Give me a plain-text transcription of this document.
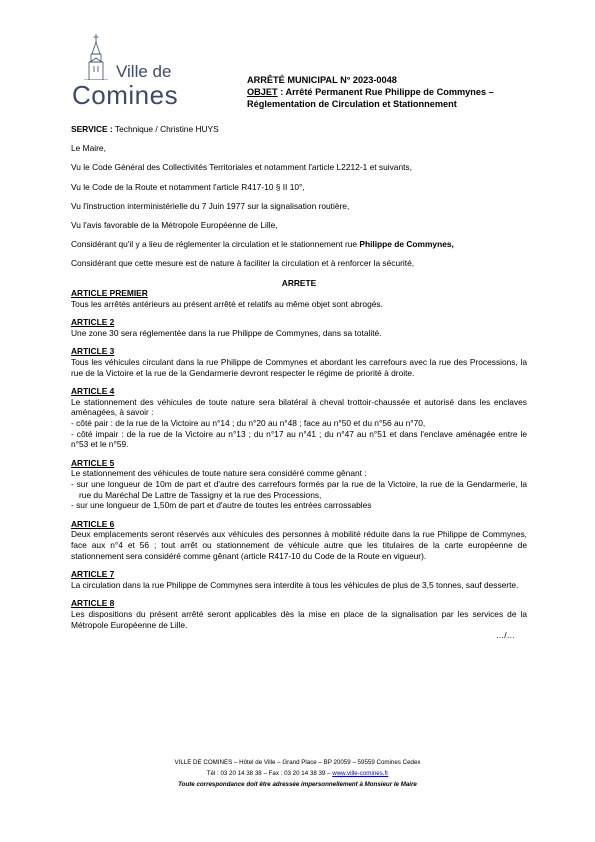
Ville de
Comines	ARRÊTÉ MUNICIPAL N° 2023-0048
OBJET : Arrêté Permanent Rue Philippe de Commynes – Réglementation de Circulation et Stationnement

SERVICE : Technique / Christine HUYS

Le Maire,

Vu le Code Général des Collectivités Territoriales et notamment l'article L2212-1 et suivants,

Vu le Code de la Route et notamment l'article R417-10 § II 10°,

Vu l'instruction interministérielle du 7 Juin 1977 sur la signalisation routière,

Vu l'avis favorable de la Métropole Européenne de Lille,

Considérant qu'il y a lieu de réglementer la circulation et le stationnement rue Philippe de Commynes,

Considérant que cette mesure est de nature à faciliter la circulation et à renforcer la sécurité,

ARRETE

ARTICLE PREMIER

Tous les arrêtés antérieurs au présent arrêté et relatifs au même objet sont abrogés.

ARTICLE 2

Une zone 30 sera réglementée dans la rue Philippe de Commynes, dans sa totalité.

ARTICLE 3

Tous les véhicules circulant dans la rue Philippe de Commynes et abordant les carrefours avec la rue des Processions, la rue de la Victoire et la rue de la Gendarmerie devront respecter le régime de priorité à droite.

ARTICLE 4

Le stationnement des véhicules de toute nature sera bilatéral à cheval trottoir-chaussée et autorisé dans les enclaves aménagées, à savoir :

- côté pair : de la rue de la Victoire au n°14 ; du n°20 au n°48 ; face au n°50 et du n°56 au n°70,

- côté impair : de la rue de la Victoire au n°13 ; du n°17 au n°41 ; du n°47 au n°51 et dans l'enclave aménagée entre le n°53 et le n°59.

ARTICLE 5

Le stationnement des véhicules de toute nature sera considéré comme gênant :

- sur une longueur de 10m de part et d'autre des carrefours formés par la rue de la Victoire, la rue de la Gendarmerie, la rue du Maréchal De Lattre de Tassigny et la rue des Processions,

- sur une longueur de 1,50m de part et d'autre de toutes les entrées carrossables

ARTICLE 6

Deux emplacements seront réservés aux véhicules des personnes à mobilité réduite dans la rue Philippe de Commynes, face aux n°4 et 56 ; tout arrêt ou stationnement de véhicule autre que les titulaires de la carte européenne de stationnement sera considéré comme gênant (article R417-10 du Code de la Route en vigueur).

ARTICLE 7

La circulation dans la rue Philippe de Commynes sera interdite à tous les véhicules de plus de 3,5 tonnes, sauf desserte.

ARTICLE 8

Les dispositions du présent arrêté seront applicables dès la mise en place de la signalisation par les services de la Métropole Européenne de Lille.

…/…

VILLE DE COMINES – Hôtel de Ville – Grand Place – BP 20059 – 59559 Comines Cedex
Tél : 03 20 14 38 38 – Fax : 03 20 14 38 39 – www.ville-comines.fr
Toute correspondance doit être adressée impersonnellement à Monsieur le Maire
